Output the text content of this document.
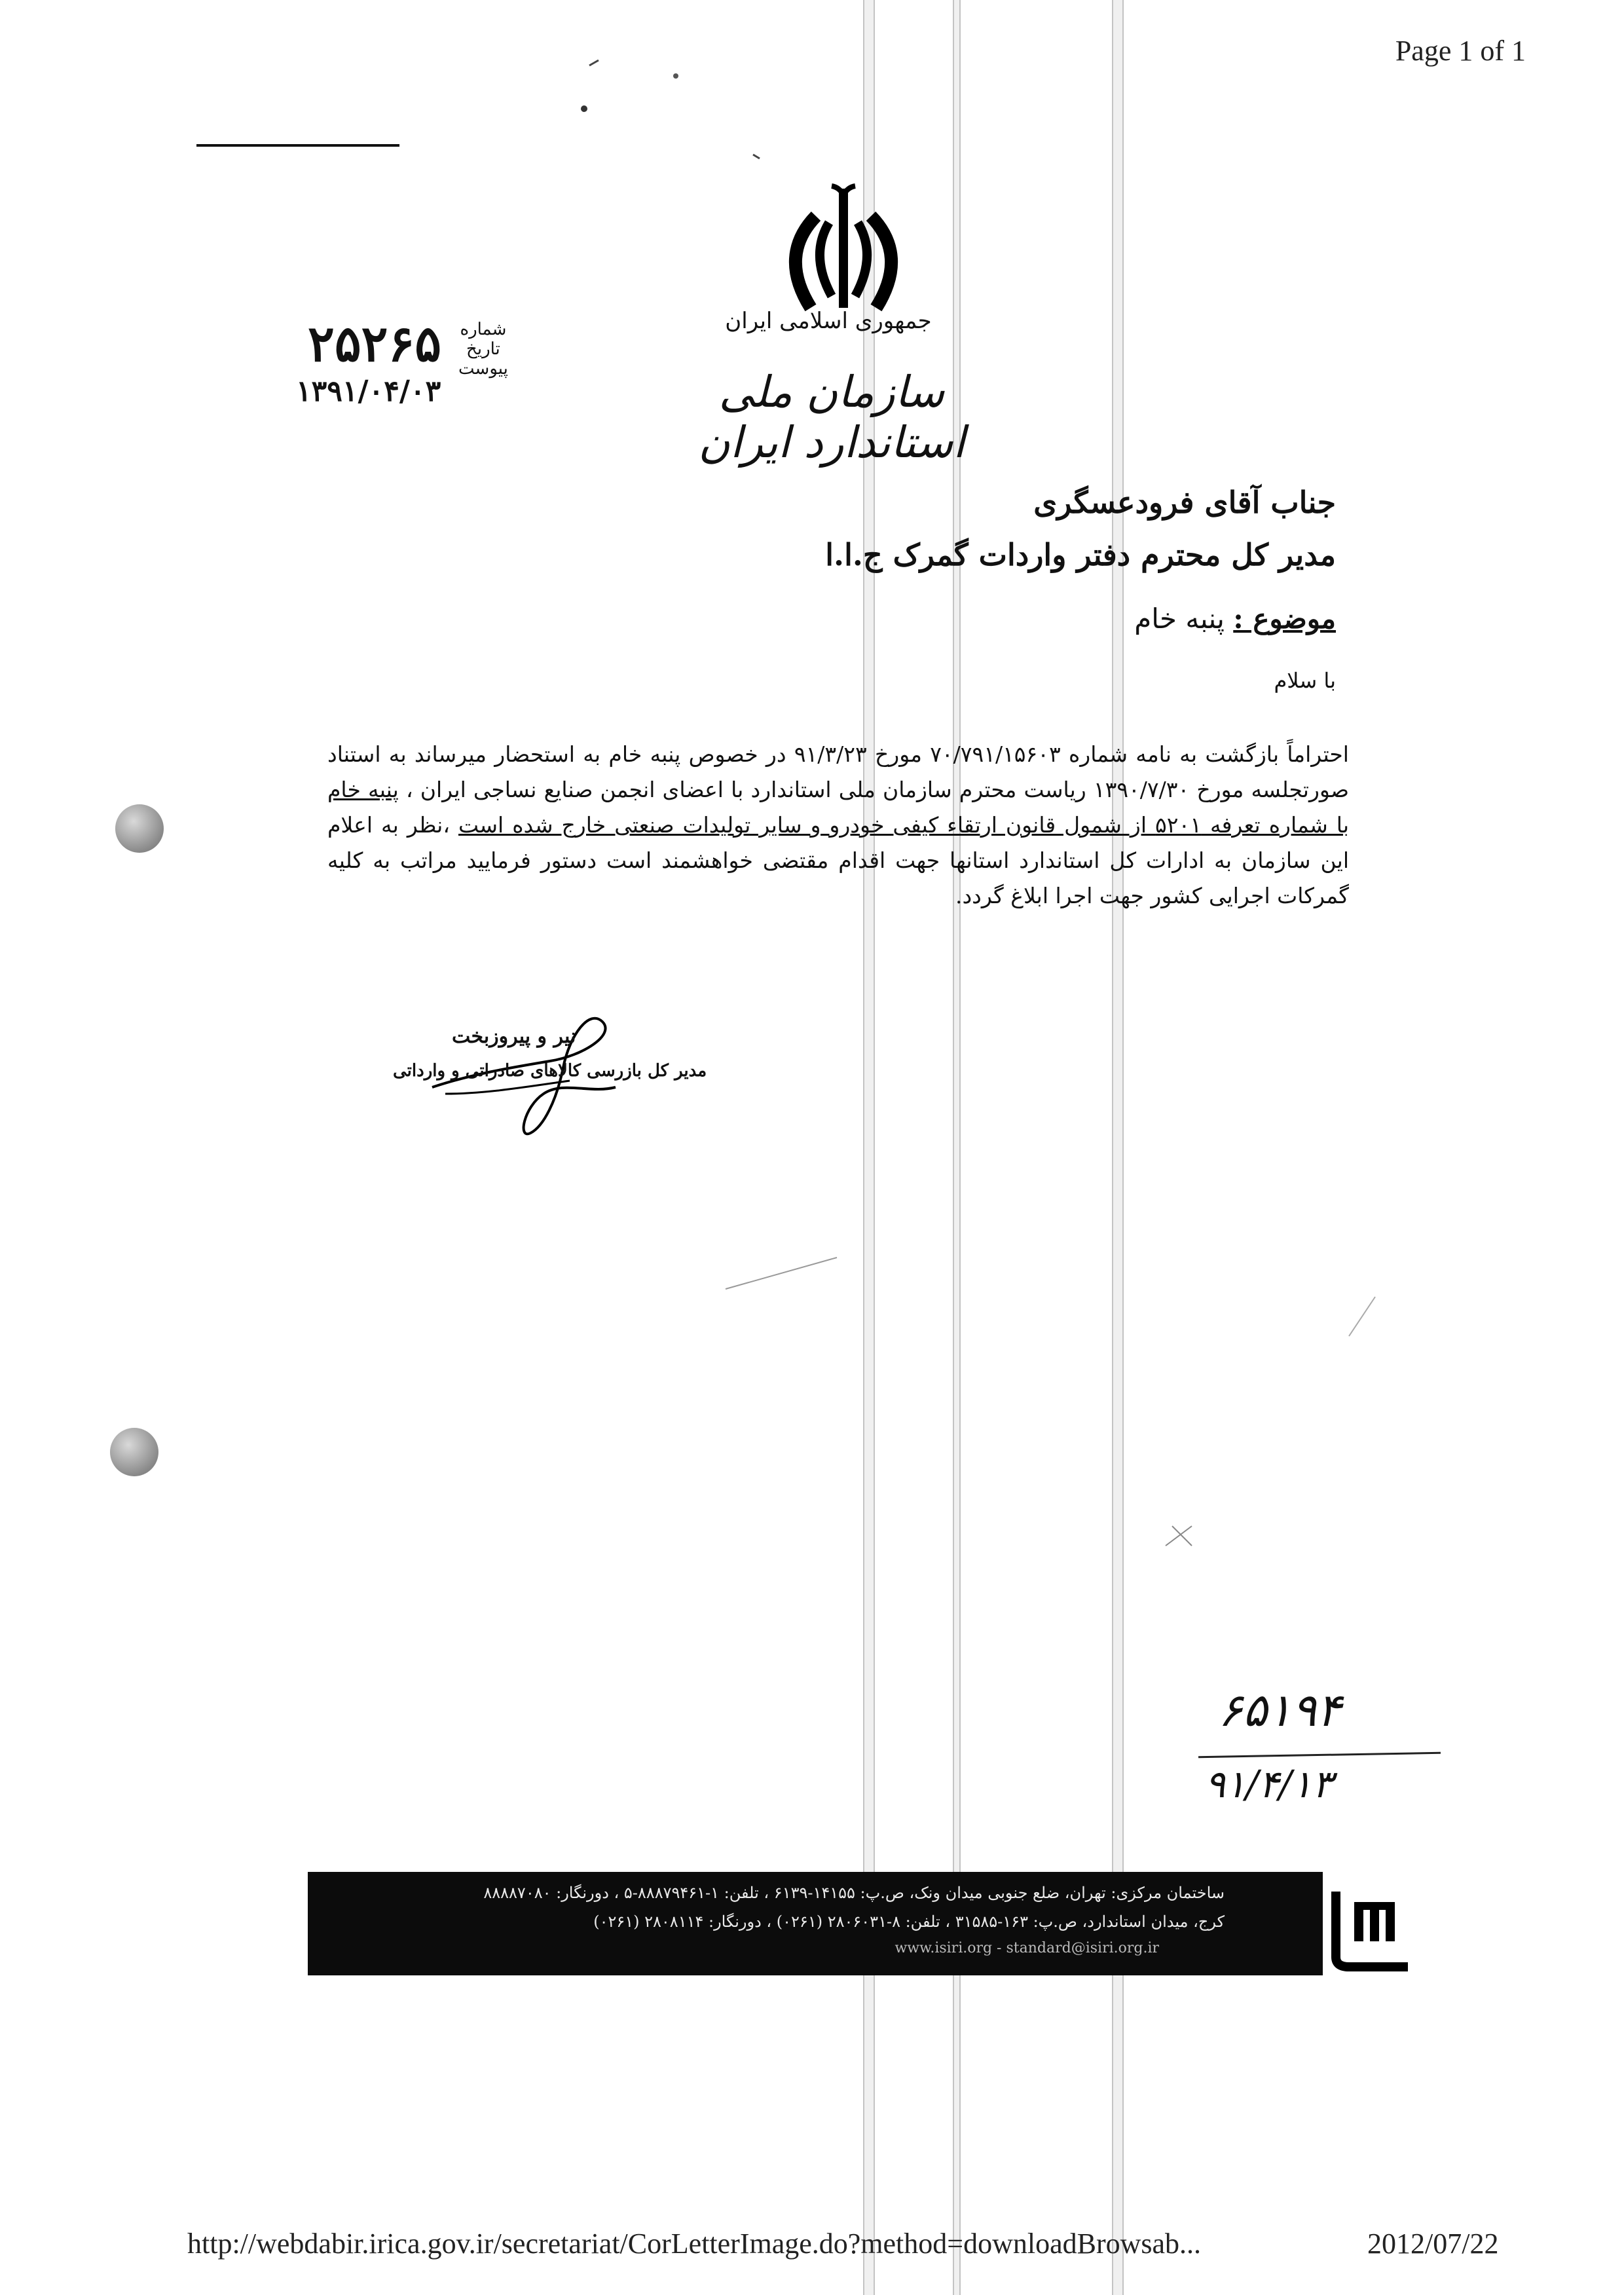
Page 1 of 1
جمهوری اسلامی ایران
سازمان ملی استاندارد ایران
شماره
تاریخ
پیوست
۲۵۲۶۵
۱۳۹۱/۰۴/۰۳
جناب آقای فرودعسگری
مدیر کل محترم دفتر واردات گمرک ج.ا.ا
موضوع : پنبه خام
با سلام
احتراماً بازگشت به نامه شماره ۷۰/۷۹۱/۱۵۶۰۳ مورخ ۹۱/۳/۲۳ در خصوص پنبه خام به استحضار میرساند به استناد صورتجلسه مورخ ۱۳۹۰/۷/۳۰ ریاست محترم سازمان ملی استاندارد با اعضای انجمن صنایع نساجی ایران ، پنبه خام با شماره تعرفه ۵۲۰۱ از شمول قانون ارتقاء کیفی خودرو و سایر تولیدات صنعتی خارج شده است ،نظر به اعلام این سازمان به ادارات کل استاندارد استانها جهت اقدام مقتضی خواهشمند است دستور فرمایید مراتب به کلیه گمرکات اجرایی کشور جهت اجرا ابلاغ گردد.
نیر و پیروزبخت
مدیر کل بازرسی کالاهای صادراتی و وارداتی
۶۵۱۹۴
۹۱/۴/۱۳
ساختمان مرکزی: تهران، ضلع جنوبی میدان ونک، ص.پ: ۱۴۱۵۵-۶۱۳۹ ، تلفن: ۱-۸۸۸۷۹۴۶۱-۵ ، دورنگار: ۸۸۸۸۷۰۸۰
کرج، میدان استاندارد، ص.پ: ۱۶۳-۳۱۵۸۵ ، تلفن: ۸-۲۸۰۶۰۳۱ (۰۲۶۱) ، دورنگار: ۲۸۰۸۱۱۴ (۰۲۶۱)
www.isiri.org - standard@isiri.org.ir
http://webdabir.irica.gov.ir/secretariat/CorLetterImage.do?method=downloadBrowsab...	2012/07/22
